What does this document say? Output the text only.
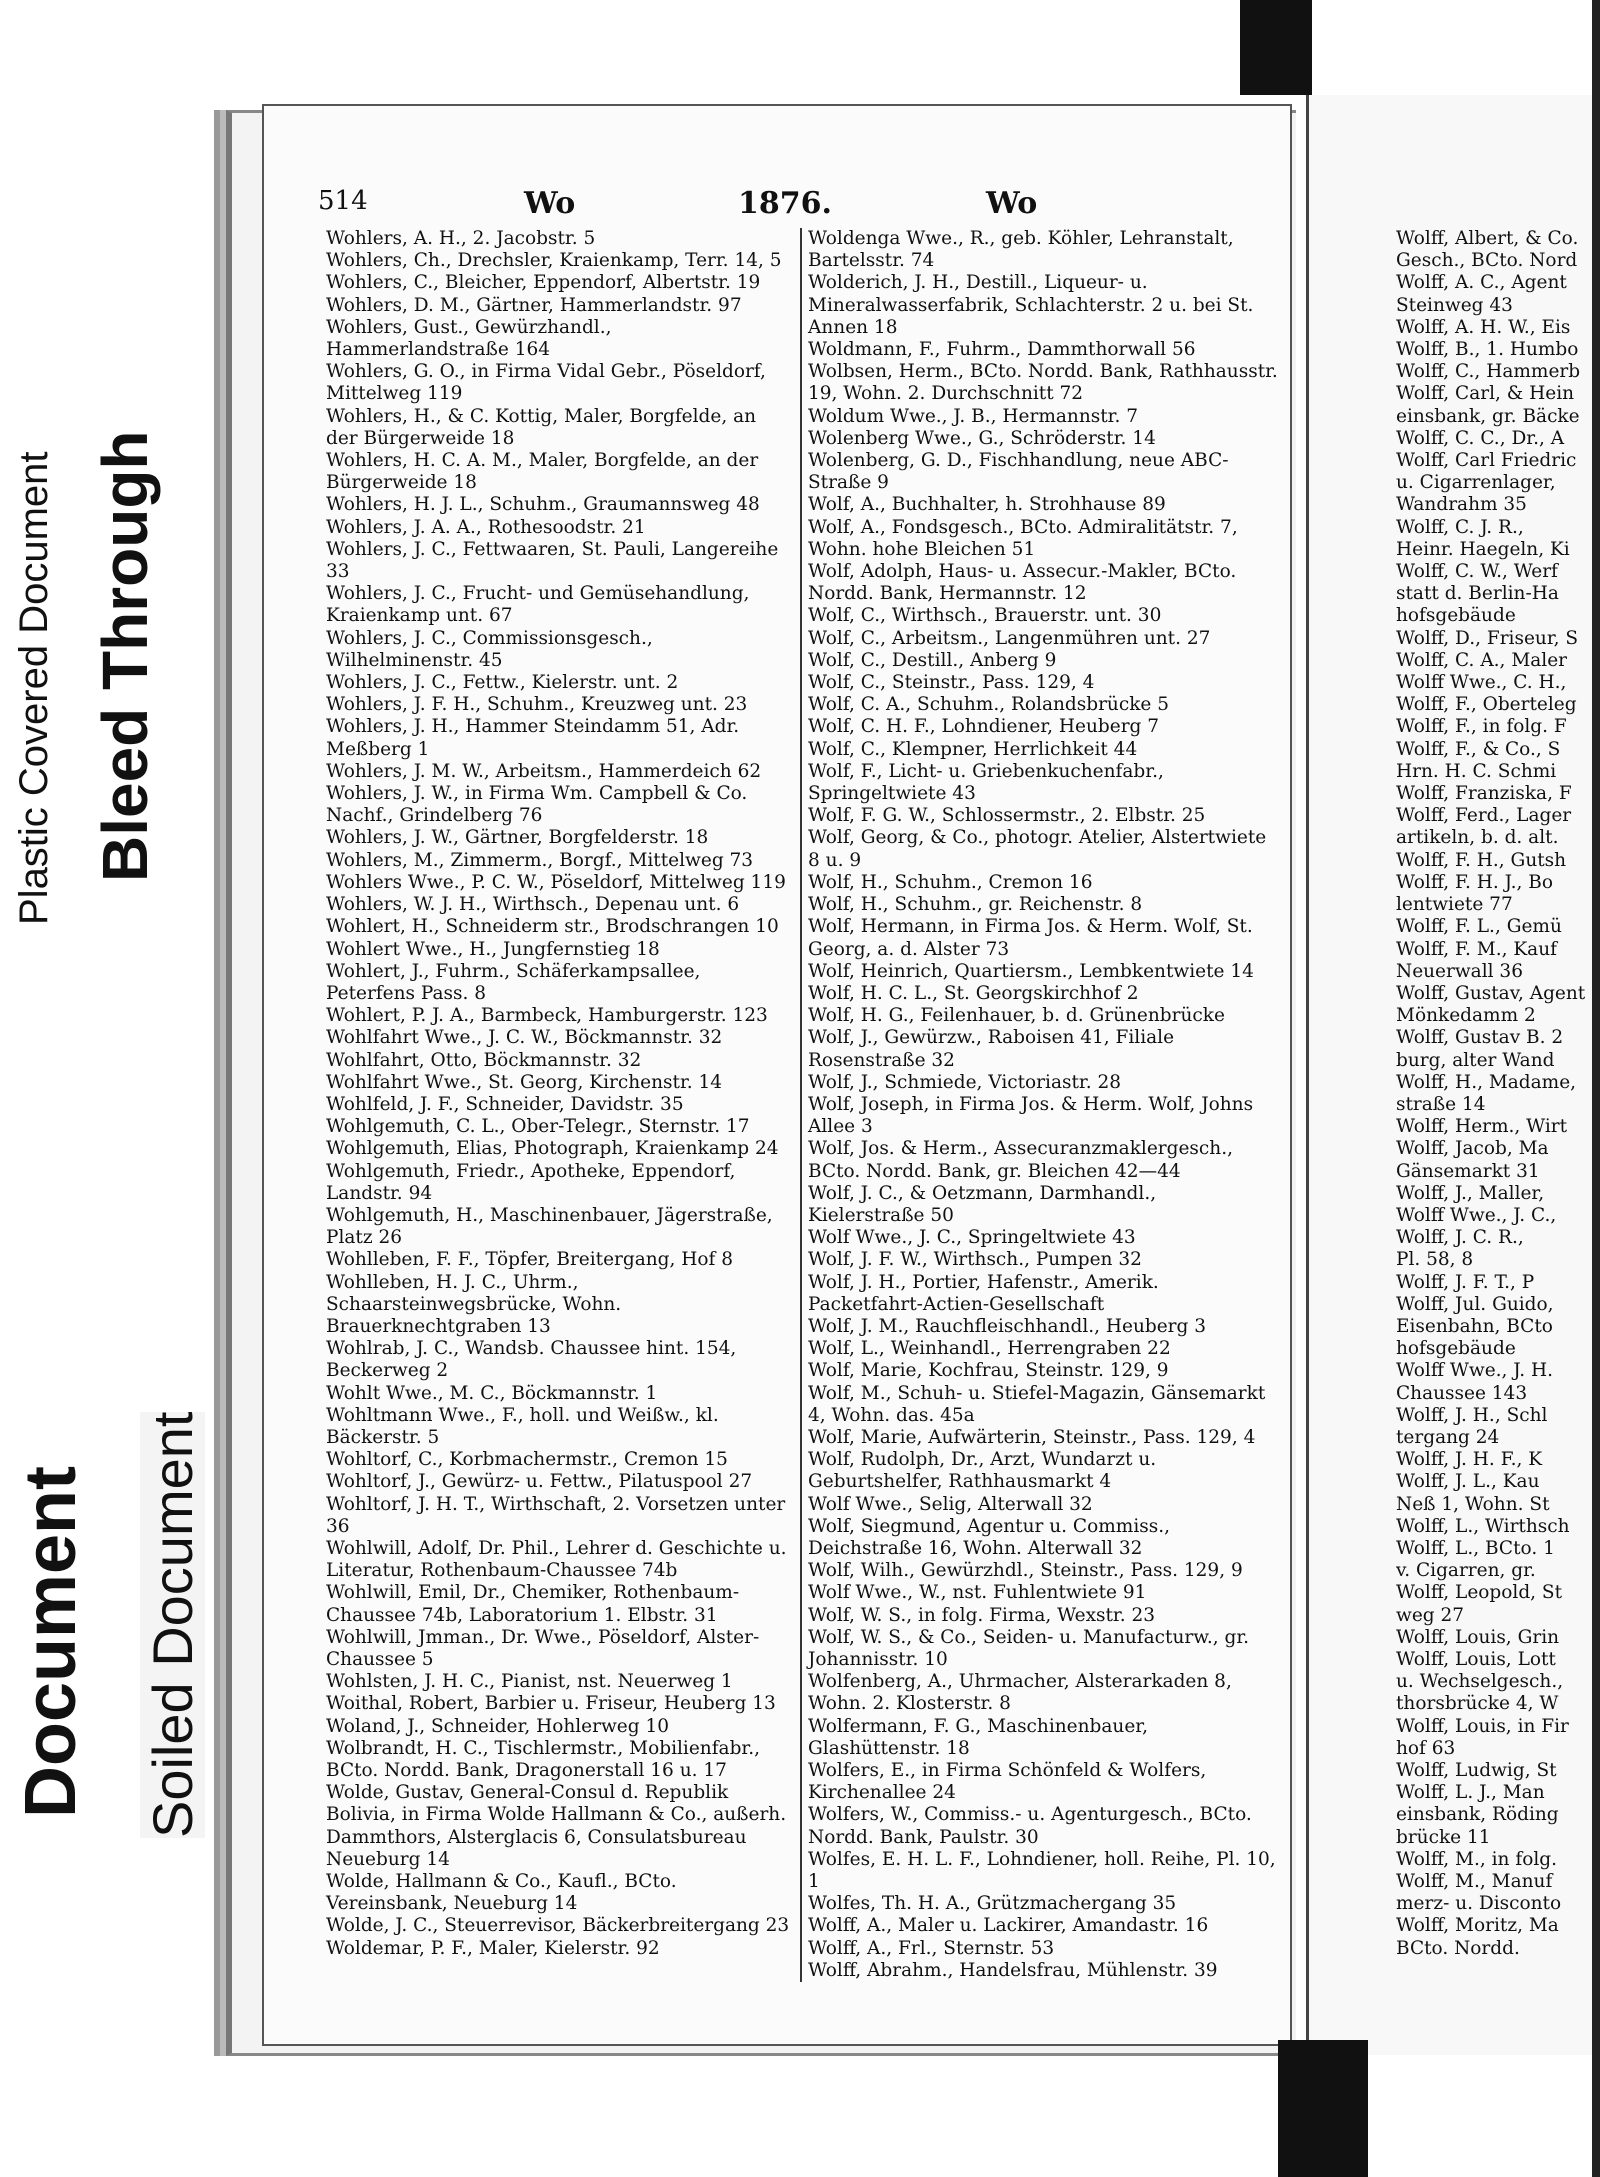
Plastic Covered Document Bleed Through
Document Soiled Document
514	Wo	1876.	Wo
Wohlers, A. H., 2. Jacobstr. 5
Wohlers, Ch., Drechsler, Kraienkamp, Terr. 14, 5
Wohlers, C., Bleicher, Eppendorf, Albertstr. 19
Wohlers, D. M., Gärtner, Hammerlandstr. 97
Wohlers, Gust., Gewürzhandl., Hammerlandstraße 164
Wohlers, G. O., in Firma Vidal Gebr., Pöseldorf, Mittelweg 119
Wohlers, H., & C. Kottig, Maler, Borgfelde, an der Bürgerweide 18
Wohlers, H. C. A. M., Maler, Borgfelde, an der Bürgerweide 18
Wohlers, H. J. L., Schuhm., Graumannsweg 48
Wohlers, J. A. A., Rothesoodstr. 21
Wohlers, J. C., Fettwaaren, St. Pauli, Langereihe 33
Wohlers, J. C., Frucht- und Gemüsehandlung, Kraienkamp unt. 67
Wohlers, J. C., Commissionsgesch., Wilhelminenstr. 45
Wohlers, J. C., Fettw., Kielerstr. unt. 2
Wohlers, J. F. H., Schuhm., Kreuzweg unt. 23
Wohlers, J. H., Hammer Steindamm 51, Adr. Meßberg 1
Wohlers, J. M. W., Arbeitsm., Hammerdeich 62
Wohlers, J. W., in Firma Wm. Campbell & Co. Nachf., Grindelberg 76
Wohlers, J. W., Gärtner, Borgfelderstr. 18
Wohlers, M., Zimmerm., Borgf., Mittelweg 73
Wohlers Wwe., P. C. W., Pöseldorf, Mittelweg 119
Wohlers, W. J. H., Wirthsch., Depenau unt. 6
Wohlert, H., Schneiderm str., Brodschrangen 10
Wohlert Wwe., H., Jungfernstieg 18
Wohlert, J., Fuhrm., Schäferkampsallee, Peterfens Pass. 8
Wohlert, P. J. A., Barmbeck, Hamburgerstr. 123
Wohlfahrt Wwe., J. C. W., Böckmannstr. 32
Wohlfahrt, Otto, Böckmannstr. 32
Wohlfahrt Wwe., St. Georg, Kirchenstr. 14
Wohlfeld, J. F., Schneider, Davidstr. 35
Wohlgemuth, C. L., Ober-Telegr., Sternstr. 17
Wohlgemuth, Elias, Photograph, Kraienkamp 24
Wohlgemuth, Friedr., Apotheke, Eppendorf, Landstr. 94
Wohlgemuth, H., Maschinenbauer, Jägerstraße, Platz 26
Wohlleben, F. F., Töpfer, Breitergang, Hof 8
Wohlleben, H. J. C., Uhrm., Schaarsteinwegsbrücke, Wohn. Brauerknechtgraben 13
Wohlrab, J. C., Wandsb. Chaussee hint. 154, Beckerweg 2
Wohlt Wwe., M. C., Böckmannstr. 1
Wohltmann Wwe., F., holl. und Weißw., kl. Bäckerstr. 5
Wohltorf, C., Korbmachermstr., Cremon 15
Wohltorf, J., Gewürz- u. Fettw., Pilatuspool 27
Wohltorf, J. H. T., Wirthschaft, 2. Vorsetzen unter 36
Wohlwill, Adolf, Dr. Phil., Lehrer d. Geschichte u. Literatur, Rothenbaum-Chaussee 74b
Wohlwill, Emil, Dr., Chemiker, Rothenbaum-Chaussee 74b, Laboratorium 1. Elbstr. 31
Wohlwill, Jmman., Dr. Wwe., Pöseldorf, Alster-Chaussee 5
Wohlsten, J. H. C., Pianist, nst. Neuerweg 1
Woithal, Robert, Barbier u. Friseur, Heuberg 13
Woland, J., Schneider, Hohlerweg 10
Wolbrandt, H. C., Tischlermstr., Mobilienfabr., BCto. Nordd. Bank, Dragonerstall 16 u. 17
Wolde, Gustav, General-Consul d. Republik Bolivia, in Firma Wolde Hallmann & Co., außerh. Dammthors, Alsterglacis 6, Consulatsbureau Neueburg 14
Wolde, Hallmann & Co., Kaufl., BCto. Vereinsbank, Neueburg 14
Wolde, J. C., Steuerrevisor, Bäckerbreitergang 23
Woldemar, P. F., Maler, Kielerstr. 92
Woldenga Wwe., R., geb. Köhler, Lehranstalt, Bartelsstr. 74
Wolderich, J. H., Destill., Liqueur- u. Mineralwasserfabrik, Schlachterstr. 2 u. bei St. Annen 18
Woldmann, F., Fuhrm., Dammthorwall 56
Wolbsen, Herm., BCto. Nordd. Bank, Rathhausstr. 19, Wohn. 2. Durchschnitt 72
Woldum Wwe., J. B., Hermannstr. 7
Wolenberg Wwe., G., Schröderstr. 14
Wolenberg, G. D., Fischhandlung, neue ABC-Straße 9
Wolf, A., Buchhalter, h. Strohhause 89
Wolf, A., Fondsgesch., BCto. Admiralitätstr. 7, Wohn. hohe Bleichen 51
Wolf, Adolph, Haus- u. Assecur.-Makler, BCto. Nordd. Bank, Hermannstr. 12
Wolf, C., Wirthsch., Brauerstr. unt. 30
Wolf, C., Arbeitsm., Langenmühren unt. 27
Wolf, C., Destill., Anberg 9
Wolf, C., Steinstr., Pass. 129, 4
Wolf, C. A., Schuhm., Rolandsbrücke 5
Wolf, C. H. F., Lohndiener, Heuberg 7
Wolf, C., Klempner, Herrlichkeit 44
Wolf, F., Licht- u. Griebenkuchenfabr., Springeltwiete 43
Wolf, F. G. W., Schlossermstr., 2. Elbstr. 25
Wolf, Georg, & Co., photogr. Atelier, Alstertwiete 8 u. 9
Wolf, H., Schuhm., Cremon 16
Wolf, H., Schuhm., gr. Reichenstr. 8
Wolf, Hermann, in Firma Jos. & Herm. Wolf, St. Georg, a. d. Alster 73
Wolf, Heinrich, Quartiersm., Lembkentwiete 14
Wolf, H. C. L., St. Georgskirchhof 2
Wolf, H. G., Feilenhauer, b. d. Grünenbrücke
Wolf, J., Gewürzw., Raboisen 41, Filiale Rosenstraße 32
Wolf, J., Schmiede, Victoriastr. 28
Wolf, Joseph, in Firma Jos. & Herm. Wolf, Johns Allee 3
Wolf, Jos. & Herm., Assecuranzmaklergesch., BCto. Nordd. Bank, gr. Bleichen 42—44
Wolf, J. C., & Oetzmann, Darmhandl., Kielerstraße 50
Wolf Wwe., J. C., Springeltwiete 43
Wolf, J. F. W., Wirthsch., Pumpen 32
Wolf, J. H., Portier, Hafenstr., Amerik. Packetfahrt-Actien-Gesellschaft
Wolf, J. M., Rauchfleischhandl., Heuberg 3
Wolf, L., Weinhandl., Herrengraben 22
Wolf, Marie, Kochfrau, Steinstr. 129, 9
Wolf, M., Schuh- u. Stiefel-Magazin, Gänsemarkt 4, Wohn. das. 45a
Wolf, Marie, Aufwärterin, Steinstr., Pass. 129, 4
Wolf, Rudolph, Dr., Arzt, Wundarzt u. Geburtshelfer, Rathhausmarkt 4
Wolf Wwe., Selig, Alterwall 32
Wolf, Siegmund, Agentur u. Commiss., Deichstraße 16, Wohn. Alterwall 32
Wolf, Wilh., Gewürzhdl., Steinstr., Pass. 129, 9
Wolf Wwe., W., nst. Fuhlentwiete 91
Wolf, W. S., in folg. Firma, Wexstr. 23
Wolf, W. S., & Co., Seiden- u. Manufacturw., gr. Johannisstr. 10
Wolfenberg, A., Uhrmacher, Alsterarkaden 8, Wohn. 2. Klosterstr. 8
Wolfermann, F. G., Maschinenbauer, Glashüttenstr. 18
Wolfers, E., in Firma Schönfeld & Wolfers, Kirchenallee 24
Wolfers, W., Commiss.- u. Agenturgesch., BCto. Nordd. Bank, Paulstr. 30
Wolfes, E. H. L. F., Lohndiener, holl. Reihe, Pl. 10, 1
Wolfes, Th. H. A., Grützmachergang 35
Wolff, A., Maler u. Lackirer, Amandastr. 16
Wolff, A., Frl., Sternstr. 53
Wolff, Abrahm., Handelsfrau, Mühlenstr. 39
Wolff, Albert, & Co.
Gesch., BCto. Nord
Wolff, A. C., Agent
Steinweg 43
Wolff, A. H. W., Eis
Wolff, B., 1. Humbo
Wolff, C., Hammerb
Wolff, Carl, & Hein
einsbank, gr. Bäcke
Wolff, C. C., Dr., A
Wolff, Carl Friedric
u. Cigarrenlager,
Wandrahm 35
Wolff, C. J. R.,
Heinr. Haegeln, Ki
Wolff, C. W., Werf
statt d. Berlin-Ha
hofsgebäude
Wolff, D., Friseur, S
Wolff, C. A., Maler
Wolff Wwe., C. H.,
Wolff, F., Oberteleg
Wolff, F., in folg. F
Wolff, F., & Co., S
Hrn. H. C. Schmi
Wolff, Franziska, F
Wolff, Ferd., Lager
artikeln, b. d. alt.
Wolff, F. H., Gutsh
Wolff, F. H. J., Bo
lentwiete 77
Wolff, F. L., Gemü
Wolff, F. M., Kauf
Neuerwall 36
Wolff, Gustav, Agent
Mönkedamm 2
Wolff, Gustav B. 2
burg, alter Wand
Wolff, H., Madame,
straße 14
Wolff, Herm., Wirt
Wolff, Jacob, Ma
Gänsemarkt 31
Wolff, J., Maller,
Wolff Wwe., J. C.,
Wolff, J. C. R.,
Pl. 58, 8
Wolff, J. F. T., P
Wolff, Jul. Guido,
Eisenbahn, BCto
hofsgebäude
Wolff Wwe., J. H.
Chaussee 143
Wolff, J. H., Schl
tergang 24
Wolff, J. H. F., K
Wolff, J. L., Kau
Neß 1, Wohn. St
Wolff, L., Wirthsch
Wolff, L., BCto. 1
v. Cigarren, gr.
Wolff, Leopold, St
weg 27
Wolff, Louis, Grin
Wolff, Louis, Lott
u. Wechselgesch.,
thorsbrücke 4, W
Wolff, Louis, in Fir
hof 63
Wolff, Ludwig, St
Wolff, L. J., Man
einsbank, Röding
brücke 11
Wolff, M., in folg.
Wolff, M., Manuf
merz- u. Disconto
Wolff, Moritz, Ma
BCto. Nordd.
